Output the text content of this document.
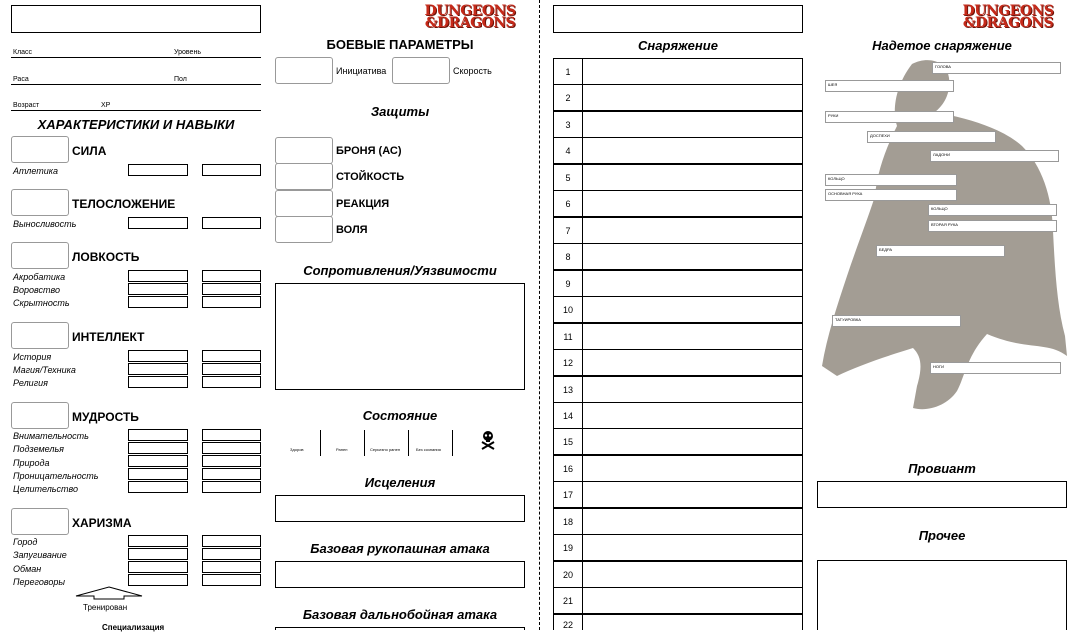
Класс	Уровень
Раса	Пол
Возраст	XP
ХАРАКТЕРИСТИКИ И НАВЫКИ
СИЛА
Атлетика
ТЕЛОСЛОЖЕНИЕ
Выносливость
ЛОВКОСТЬ
Акробатика
Воровство
Скрытность
ИНТЕЛЛЕКТ
История
Магия/Техника
Религия
МУДРОСТЬ
Внимательность
Подземелья
Природа
Проницательность
Целительство
ХАРИЗМА
Город
Запугивание
Обман
Переговоры
Тренирован
Специализация
DUNGEONS
&DRAGONS
БОЕВЫЕ ПАРАМЕТРЫ
Инициатива	Скорость
Защиты
БРОНЯ (АС)
СТОЙКОСТЬ
РЕАКЦИЯ
ВОЛЯ
Сопротивления/Уязвимости
Состояние
Здоров	Ранен	Серьезно ранен	Без сознания
Исцеления
Базовая рукопашная атака
Базовая дальнобойная атака
Снаряжение
1
2
3
4
5
6
7
8
9
10
11
12
13
14
15
16
17
18
19
20
21
22
DUNGEONS
&DRAGONS
Надетое снаряжение
ГОЛОВА
ШЕЯ
РУКИ
ДОСПЕХИ
ЛАДОНИ
КОЛЬЦО
ОСНОВНАЯ РУКА
КОЛЬЦО
ВТОРАЯ РУКА
БЕДРА
ТАТУИРОВКА
НОГИ
Провиант
Прочее
